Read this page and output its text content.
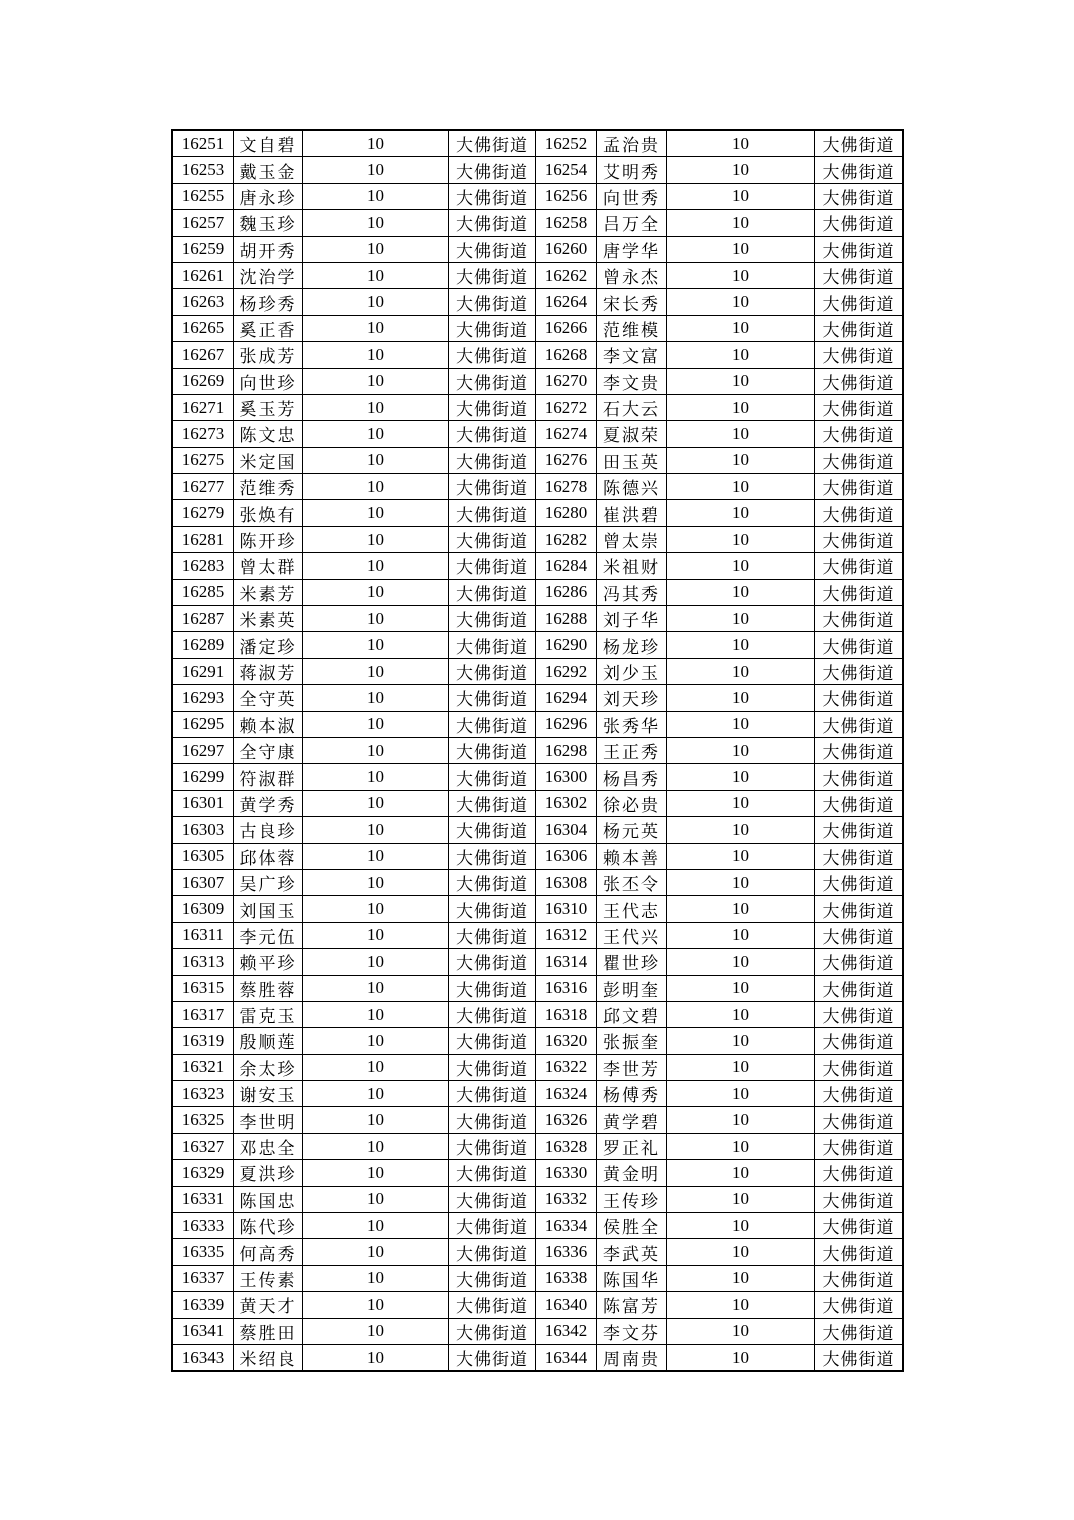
16251	文自碧	10	大佛街道	16252	孟治贵	10	大佛街道
16253	戴玉金	10	大佛街道	16254	艾明秀	10	大佛街道
16255	唐永珍	10	大佛街道	16256	向世秀	10	大佛街道
16257	魏玉珍	10	大佛街道	16258	吕万全	10	大佛街道
16259	胡开秀	10	大佛街道	16260	唐学华	10	大佛街道
16261	沈治学	10	大佛街道	16262	曾永杰	10	大佛街道
16263	杨珍秀	10	大佛街道	16264	宋长秀	10	大佛街道
16265	奚正香	10	大佛街道	16266	范维模	10	大佛街道
16267	张成芳	10	大佛街道	16268	李文富	10	大佛街道
16269	向世珍	10	大佛街道	16270	李文贵	10	大佛街道
16271	奚玉芳	10	大佛街道	16272	石大云	10	大佛街道
16273	陈文忠	10	大佛街道	16274	夏淑荣	10	大佛街道
16275	米定国	10	大佛街道	16276	田玉英	10	大佛街道
16277	范维秀	10	大佛街道	16278	陈德兴	10	大佛街道
16279	张焕有	10	大佛街道	16280	崔洪碧	10	大佛街道
16281	陈开珍	10	大佛街道	16282	曾太崇	10	大佛街道
16283	曾太群	10	大佛街道	16284	米祖财	10	大佛街道
16285	米素芳	10	大佛街道	16286	冯其秀	10	大佛街道
16287	米素英	10	大佛街道	16288	刘子华	10	大佛街道
16289	潘定珍	10	大佛街道	16290	杨龙珍	10	大佛街道
16291	蒋淑芳	10	大佛街道	16292	刘少玉	10	大佛街道
16293	全守英	10	大佛街道	16294	刘天珍	10	大佛街道
16295	赖本淑	10	大佛街道	16296	张秀华	10	大佛街道
16297	全守康	10	大佛街道	16298	王正秀	10	大佛街道
16299	符淑群	10	大佛街道	16300	杨昌秀	10	大佛街道
16301	黄学秀	10	大佛街道	16302	徐必贵	10	大佛街道
16303	古良珍	10	大佛街道	16304	杨元英	10	大佛街道
16305	邱体蓉	10	大佛街道	16306	赖本善	10	大佛街道
16307	吴广珍	10	大佛街道	16308	张丕令	10	大佛街道
16309	刘国玉	10	大佛街道	16310	王代志	10	大佛街道
16311	李元伍	10	大佛街道	16312	王代兴	10	大佛街道
16313	赖平珍	10	大佛街道	16314	瞿世珍	10	大佛街道
16315	蔡胜蓉	10	大佛街道	16316	彭明奎	10	大佛街道
16317	雷克玉	10	大佛街道	16318	邱文碧	10	大佛街道
16319	殷顺莲	10	大佛街道	16320	张振奎	10	大佛街道
16321	余太珍	10	大佛街道	16322	李世芳	10	大佛街道
16323	谢安玉	10	大佛街道	16324	杨傅秀	10	大佛街道
16325	李世明	10	大佛街道	16326	黄学碧	10	大佛街道
16327	邓忠全	10	大佛街道	16328	罗正礼	10	大佛街道
16329	夏洪珍	10	大佛街道	16330	黄金明	10	大佛街道
16331	陈国忠	10	大佛街道	16332	王传珍	10	大佛街道
16333	陈代珍	10	大佛街道	16334	侯胜全	10	大佛街道
16335	何高秀	10	大佛街道	16336	李武英	10	大佛街道
16337	王传素	10	大佛街道	16338	陈国华	10	大佛街道
16339	黄天才	10	大佛街道	16340	陈富芳	10	大佛街道
16341	蔡胜田	10	大佛街道	16342	李文芬	10	大佛街道
16343	米绍良	10	大佛街道	16344	周南贵	10	大佛街道
